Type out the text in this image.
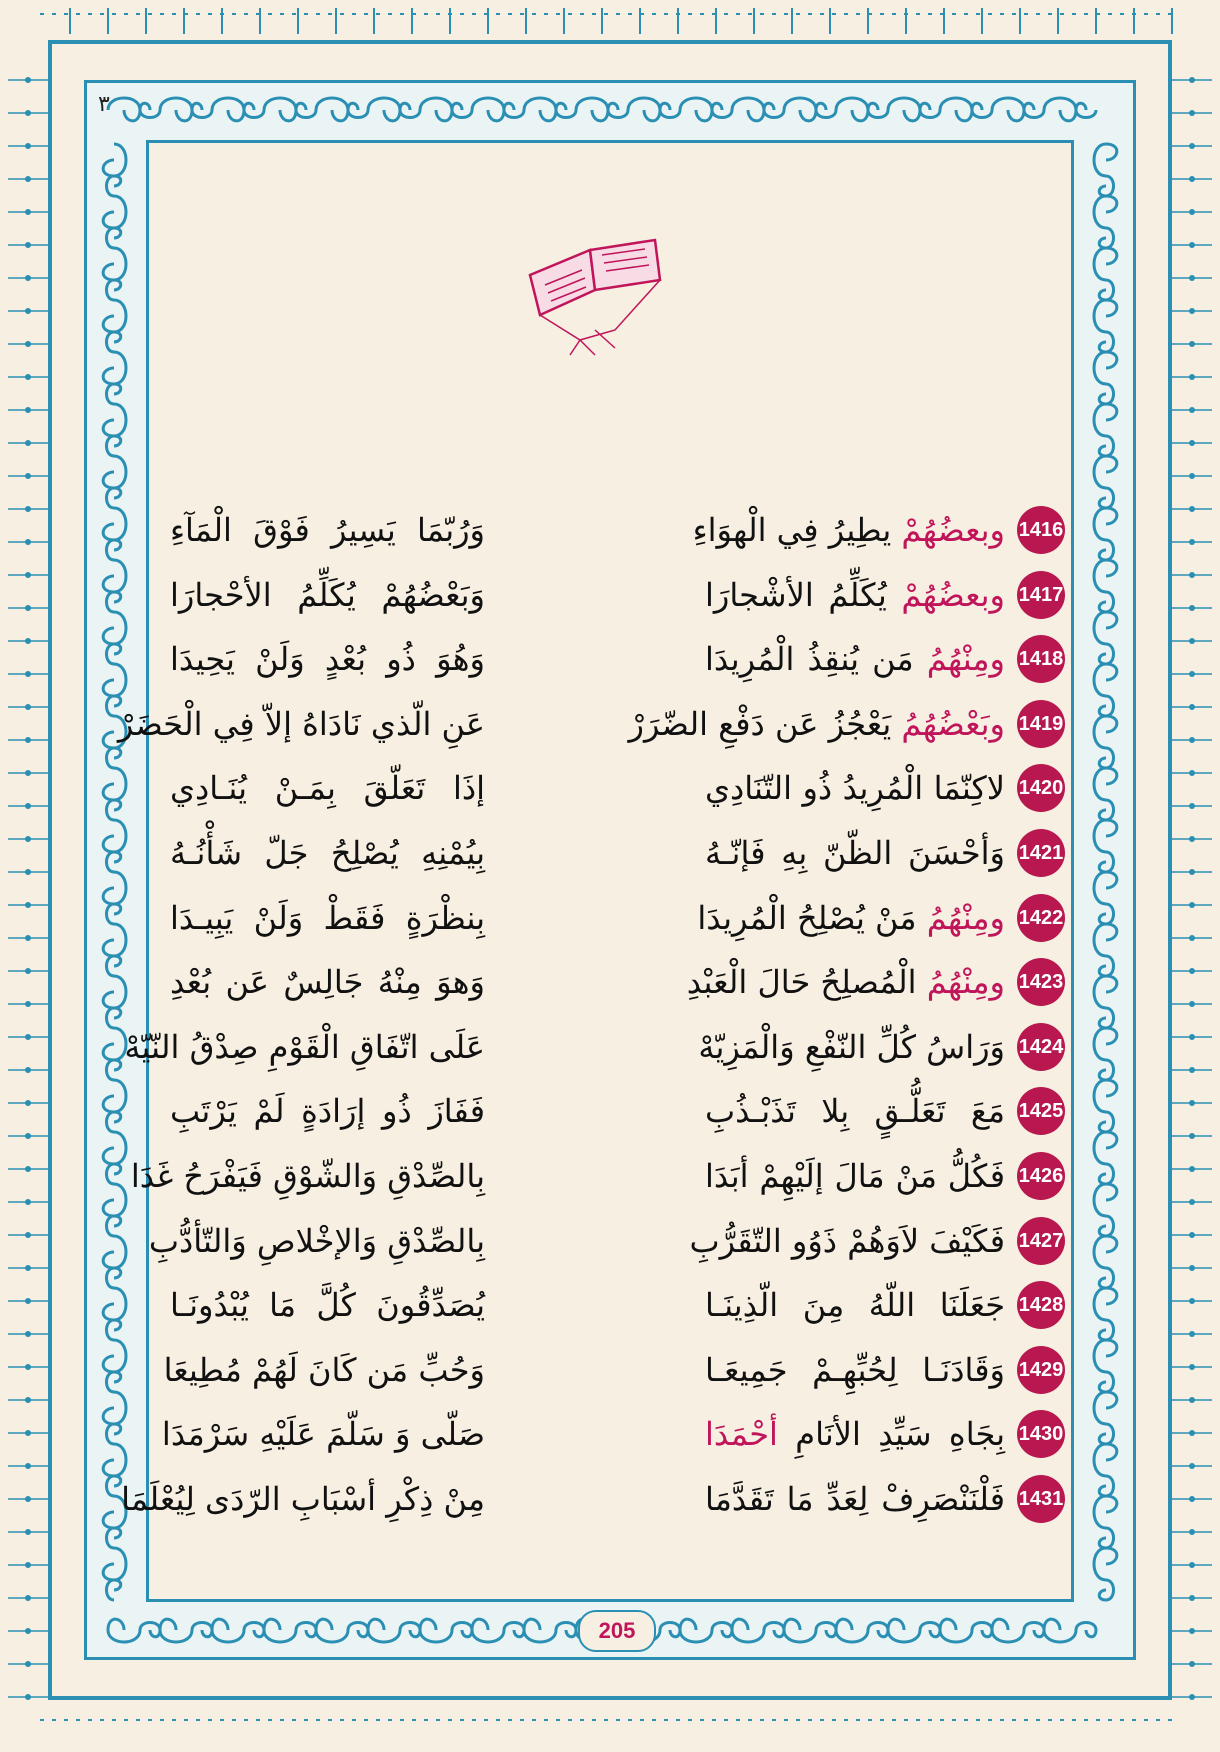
٣
1416
وبعضُهُمْ يطِيرُ فِي الْهوَاءِ
وَرُبّمَا يَسِيرُ فَوْقَ الْمَآءِ
1417
وبعضُهُمْ يُكَلِّمُ الأشْجارَا
وَبَعْضُهُمْ يُكَلِّمُ الأحْجارَا
1418
ومِنْهُمُ مَن يُنقِذُ الْمُرِيدَا
وَهُوَ ذُو بُعْدٍ وَلَنْ يَحِيدَا
1419
وبَعْضُهُمُ يَعْجُزُ عَن دَفْعِ الضّرَرْ
عَنِ الّذي نَادَاهُ إلاّ فِي الْحَضَرْ
1420
لاكِنّمَا الْمُرِيدُ ذُو التّنَادِي
إذَا تَعَلّقَ بِمَـنْ يُنَـادِي
1421
وَأحْسَنَ الظّنّ بِهِ فَإنّـهُ
بِيُمْنِهِ يُصْلِحُ جَلّ شَأْنُـهُ
1422
ومِنْهُمُ مَنْ يُصْلِحُ الْمُرِيدَا
بِنظْرَةٍ فَقَطْ وَلَنْ يَبِيـدَا
1423
ومِنْهُمُ الْمُصلِحُ حَالَ الْعَبْدِ
وَهوَ مِنْهُ جَالِسٌ عَن بُعْدِ
1424
وَرَاسُ كُلِّ النّفْعِ وَالْمَزِيّهْ
عَلَى اتّفَاقِ الْقَوْمِ صِدْقُ النّيّهْ
1425
مَعَ تَعَلُّـقٍ بِلا تَذَبْـذُبِ
فَفَازَ ذُو إرَادَةٍ لَمْ يَرْتَبِ
1426
فَكُلُّ مَنْ مَالَ إلَيْهِمْ أبَدَا
بِالصِّدْقِ وَالشّوْقِ فَيَفْرَحُ غَدَا
1427
فَكَيْفَ لاَوَهُمْ ذَوُو التّقَرُّبِ
بِالصِّدْقِ وَالإخْلاصِ وَالتّأدُّبِ
1428
جَعَلَنَا اللّهُ مِنَ الّذِينَـا
يُصَدِّقُونَ كُلَّ مَا يُبْدُونَـا
1429
وَقَادَنَـا لِحُبِّهِـمْ جَمِيعَـا
وَحُبِّ مَن كَانَ لَهُمْ مُطِيعَا
1430
بِجَاهِ سَيِّدِ الأنَامِ أحْمَدَا
صَلّى وَ سَلّمَ عَلَيْهِ سَرْمَدَا
1431
فَلْنَنْصَرِفْ لِعَدِّ مَا تَقَدَّمَا
مِنْ ذِكْرِ أسْبَابِ الرّدَى لِيُعْلَمَا
205
